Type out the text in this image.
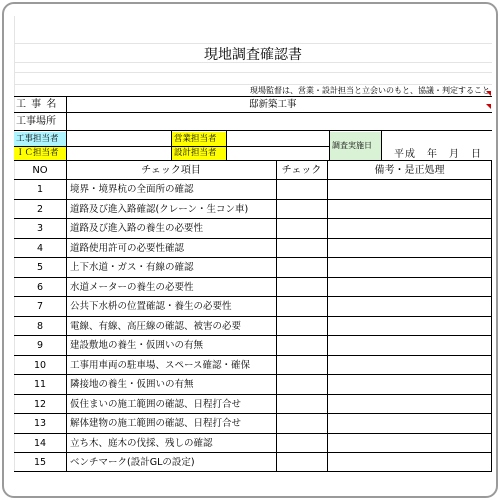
現地調査確認書
現場監督は、営業・設計担当と立会いのもと、協議・判定すること
工 事 名	邸新築工事
工事場所
工事担当者
ＩＣ担当者
営業担当者
設計担当者
調査実施日
平成　年　月　日
NO	チェック項目	チェック	備考・是正処理
1	境界・境界杭の全面所の確認
2	道路及び進入路確認(クレーン・生コン車)
3	道路及び進入路の養生の必要性
4	道路使用許可の必要性確認
5	上下水道・ガス・有線の確認
6	水道メーターの養生の必要性
7	公共下水枡の位置確認・養生の必要性
8	電線、有線、高圧線の確認、被害の必要
9	建設敷地の養生・仮囲いの有無
10	工事用車両の駐車場、スペース確認・確保
11	隣接地の養生・仮囲いの有無
12	仮住まいの施工範囲の確認、日程打合せ
13	解体建物の施工範囲の確認、日程打合せ
14	立ち木、庭木の伐採、残しの確認
15	ベンチマーク(設計GLの設定)
